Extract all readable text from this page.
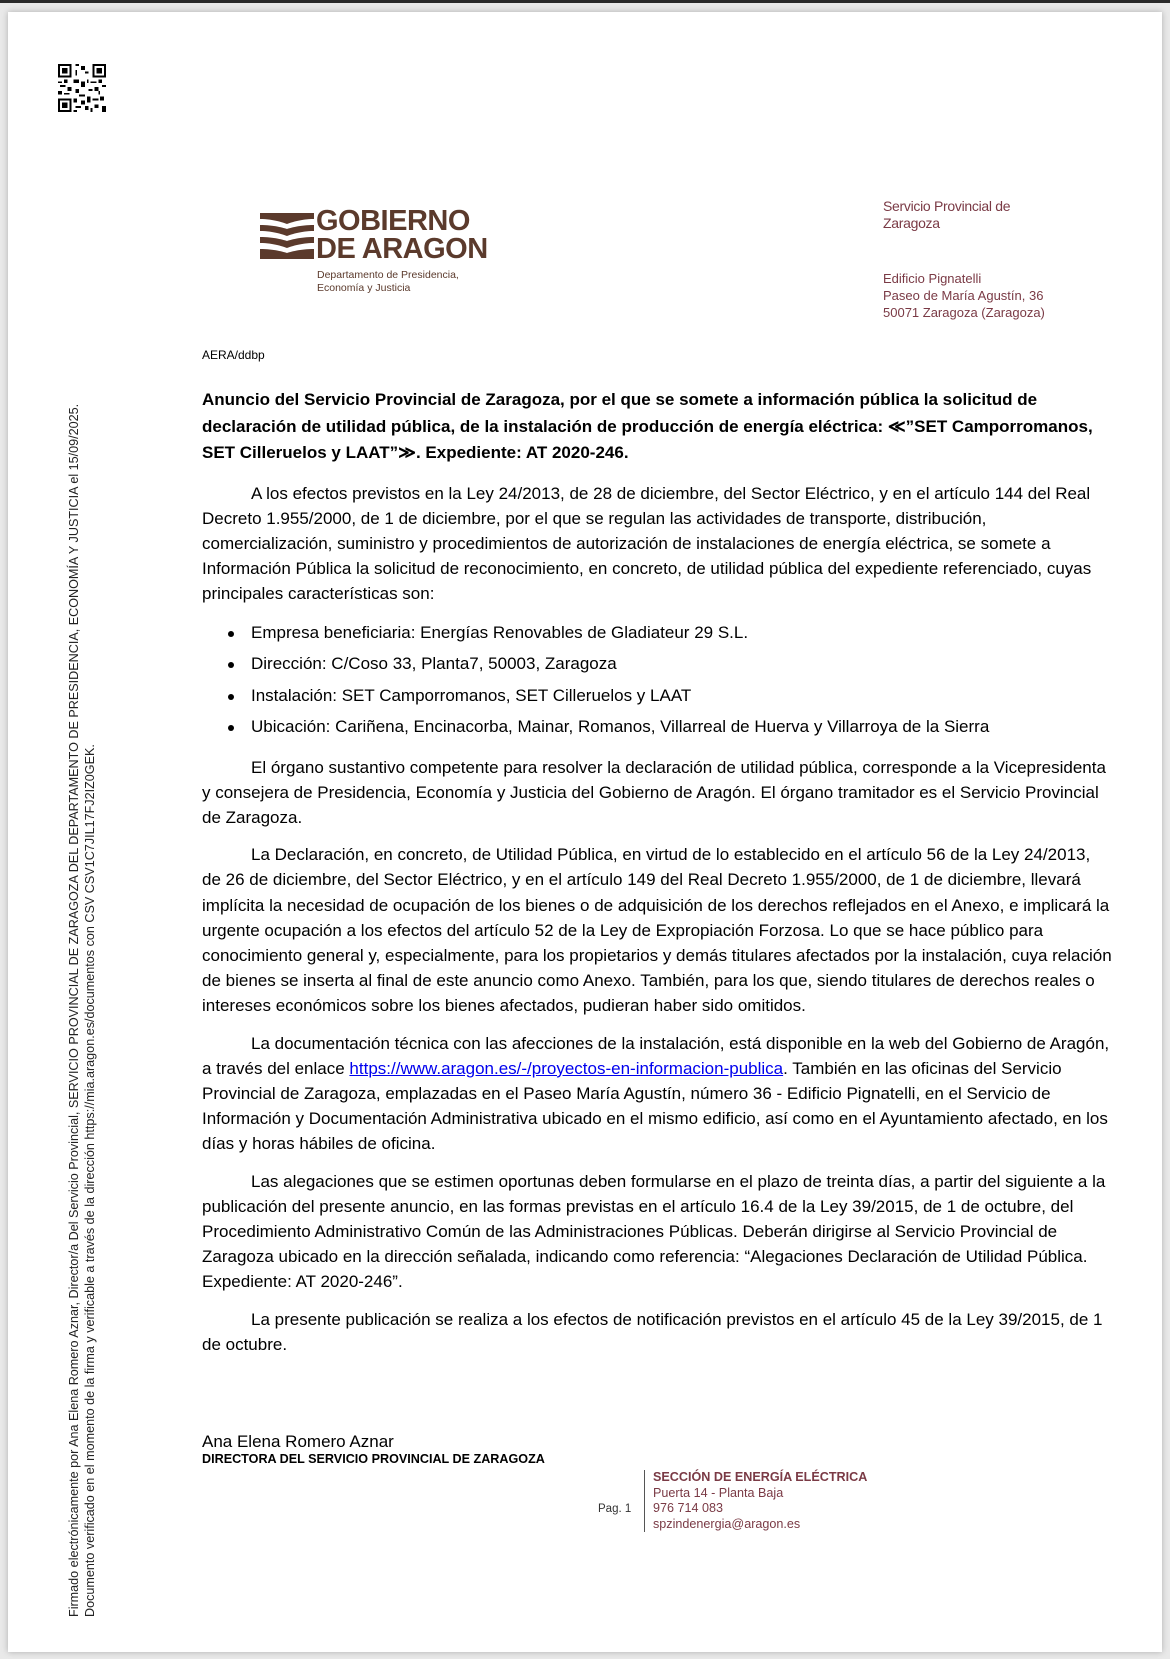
Firmado electrónicamente por Ana Elena Romero Aznar, Director/a Del Servicio Provincial, SERVICIO PROVINCIAL DE ZARAGOZA DEL DEPARTAMENTO DE PRESIDENCIA, ECONOMÍA Y JUSTICIA el 15/09/2025. Documento verificado en el momento de la firma y verificable a través de la dirección https://mia.aragon.es/documentos con CSV CSV1C7JIL17FJ2IZ0GEK.
GOBIERNO
DE ARAGON
Departamento de Presidencia,
Economía y Justicia
Servicio Provincial de
Zaragoza
Edificio Pignatelli
Paseo de María Agustín, 36
50071 Zaragoza (Zaragoza)
AERA/ddbp
Anuncio del Servicio Provincial de Zaragoza, por el que se somete a información pública la solicitud de declaración de utilidad pública, de la instalación de producción de energía eléctrica: ≪”SET Camporromanos, SET Cilleruelos y LAAT”≫. Expediente: AT 2020-246.
A los efectos previstos en la Ley 24/2013, de 28 de diciembre, del Sector Eléctrico, y en el artículo 144 del Real Decreto 1.955/2000, de 1 de diciembre, por el que se regulan las actividades de transporte, distribución, comercialización, suministro y procedimientos de autorización de instalaciones de energía eléctrica, se somete a Información Pública la solicitud de reconocimiento, en concreto, de utilidad pública del expediente referenciado, cuyas principales características son:
Empresa beneficiaria: Energías Renovables de Gladiateur 29 S.L.
Dirección: C/Coso 33, Planta7, 50003, Zaragoza
Instalación: SET Camporromanos, SET Cilleruelos y LAAT
Ubicación: Cariñena, Encinacorba, Mainar, Romanos, Villarreal de Huerva y Villarroya de la Sierra
El órgano sustantivo competente para resolver la declaración de utilidad pública, corresponde a la Vicepresidenta y consejera de Presidencia, Economía y Justicia del Gobierno de Aragón. El órgano tramitador es el Servicio Provincial de Zaragoza.
La Declaración, en concreto, de Utilidad Pública, en virtud de lo establecido en el artículo 56 de la Ley 24/2013, de 26 de diciembre, del Sector Eléctrico, y en el artículo 149 del Real Decreto 1.955/2000, de 1 de diciembre, llevará implícita la necesidad de ocupación de los bienes o de adquisición de los derechos reflejados en el Anexo, e implicará la urgente ocupación a los efectos del artículo 52 de la Ley de Expropiación Forzosa. Lo que se hace público para conocimiento general y, especialmente, para los propietarios y demás titulares afectados por la instalación, cuya relación de bienes se inserta al final de este anuncio como Anexo. También, para los que, siendo titulares de derechos reales o intereses económicos sobre los bienes afectados, pudieran haber sido omitidos.
La documentación técnica con las afecciones de la instalación, está disponible en la web del Gobierno de Aragón, a través del enlace https://www.aragon.es/-/proyectos-en-informacion-publica. También en las oficinas del Servicio Provincial de Zaragoza, emplazadas en el Paseo María Agustín, número 36 - Edificio Pignatelli, en el Servicio de Información y Documentación Administrativa ubicado en el mismo edificio, así como en el Ayuntamiento afectado, en los días y horas hábiles de oficina.
Las alegaciones que se estimen oportunas deben formularse en el plazo de treinta días, a partir del siguiente a la publicación del presente anuncio, en las formas previstas en el artículo 16.4 de la Ley 39/2015, de 1 de octubre, del Procedimiento Administrativo Común de las Administraciones Públicas. Deberán dirigirse al Servicio Provincial de Zaragoza ubicado en la dirección señalada, indicando como referencia: “Alegaciones Declaración de Utilidad Pública. Expediente: AT 2020-246”.
La presente publicación se realiza a los efectos de notificación previstos en el artículo 45 de la Ley 39/2015, de 1 de octubre.
Ana Elena Romero Aznar
DIRECTORA DEL SERVICIO PROVINCIAL DE ZARAGOZA
Pag. 1
SECCIÓN DE ENERGÍA ELÉCTRICA
Puerta 14 - Planta Baja
976 714 083
spzindenergia@aragon.es
